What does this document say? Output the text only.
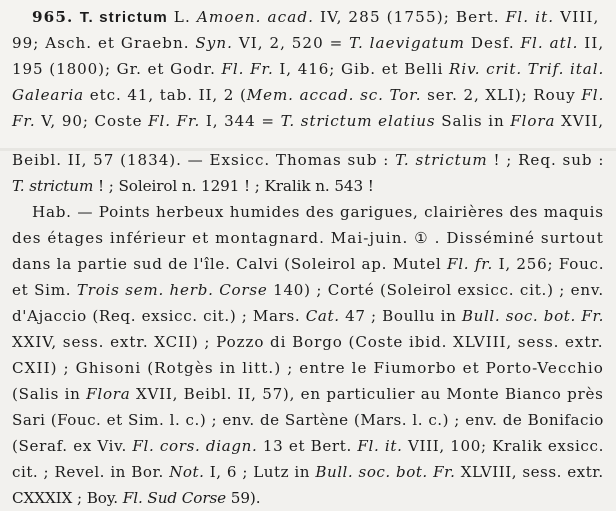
965. T. strictum L. Amoen. acad. IV, 285 (1755); Bert. Fl. it. VIII,
99; Asch. et Graebn. Syn. VI, 2, 520 = T. laevigatum Desf. Fl. atl. II,
195 (1800); Gr. et Godr. Fl. Fr. I, 416; Gib. et Belli Riv. crit. Trif. ital.
Galearia etc. 41, tab. II, 2 (Mem. accad. sc. Tor. ser. 2, XLI); Rouy Fl.
Fr. V, 90; Coste Fl. Fr. I, 344 = T. strictum elatius Salis in Flora XVII,
Beibl. II, 57 (1834). — Exsicc. Thomas sub : T. strictum ! ; Req. sub :
T. strictum ! ; Soleirol n. 1291 ! ; Kralik n. 543 !
Hab. — Points herbeux humides des garigues, clairières des maquis
des étages inférieur et montagnard. Mai-juin. ① . Disséminé surtout
dans la partie sud de l'île. Calvi (Soleirol ap. Mutel Fl. fr. I, 256; Fouc.
et Sim. Trois sem. herb. Corse 140) ; Corté (Soleirol exsicc. cit.) ; env.
d'Ajaccio (Req. exsicc. cit.) ; Mars. Cat. 47 ; Boullu in Bull. soc. bot. Fr.
XXIV, sess. extr. XCII) ; Pozzo di Borgo (Coste ibid. XLVIII, sess. extr.
CXII) ; Ghisoni (Rotgès in litt.) ; entre le Fiumorbo et Porto-Vecchio
(Salis in Flora XVII, Beibl. II, 57), en particulier au Monte Bianco près
Sari (Fouc. et Sim. l. c.) ; env. de Sartène (Mars. l. c.) ; env. de Bonifacio
(Seraf. ex Viv. Fl. cors. diagn. 13 et Bert. Fl. it. VIII, 100; Kralik exsicc.
cit. ; Revel. in Bor. Not. I, 6 ; Lutz in Bull. soc. bot. Fr. XLVIII, sess. extr.
CXXXIX ; Boy. Fl. Sud Corse 59).
